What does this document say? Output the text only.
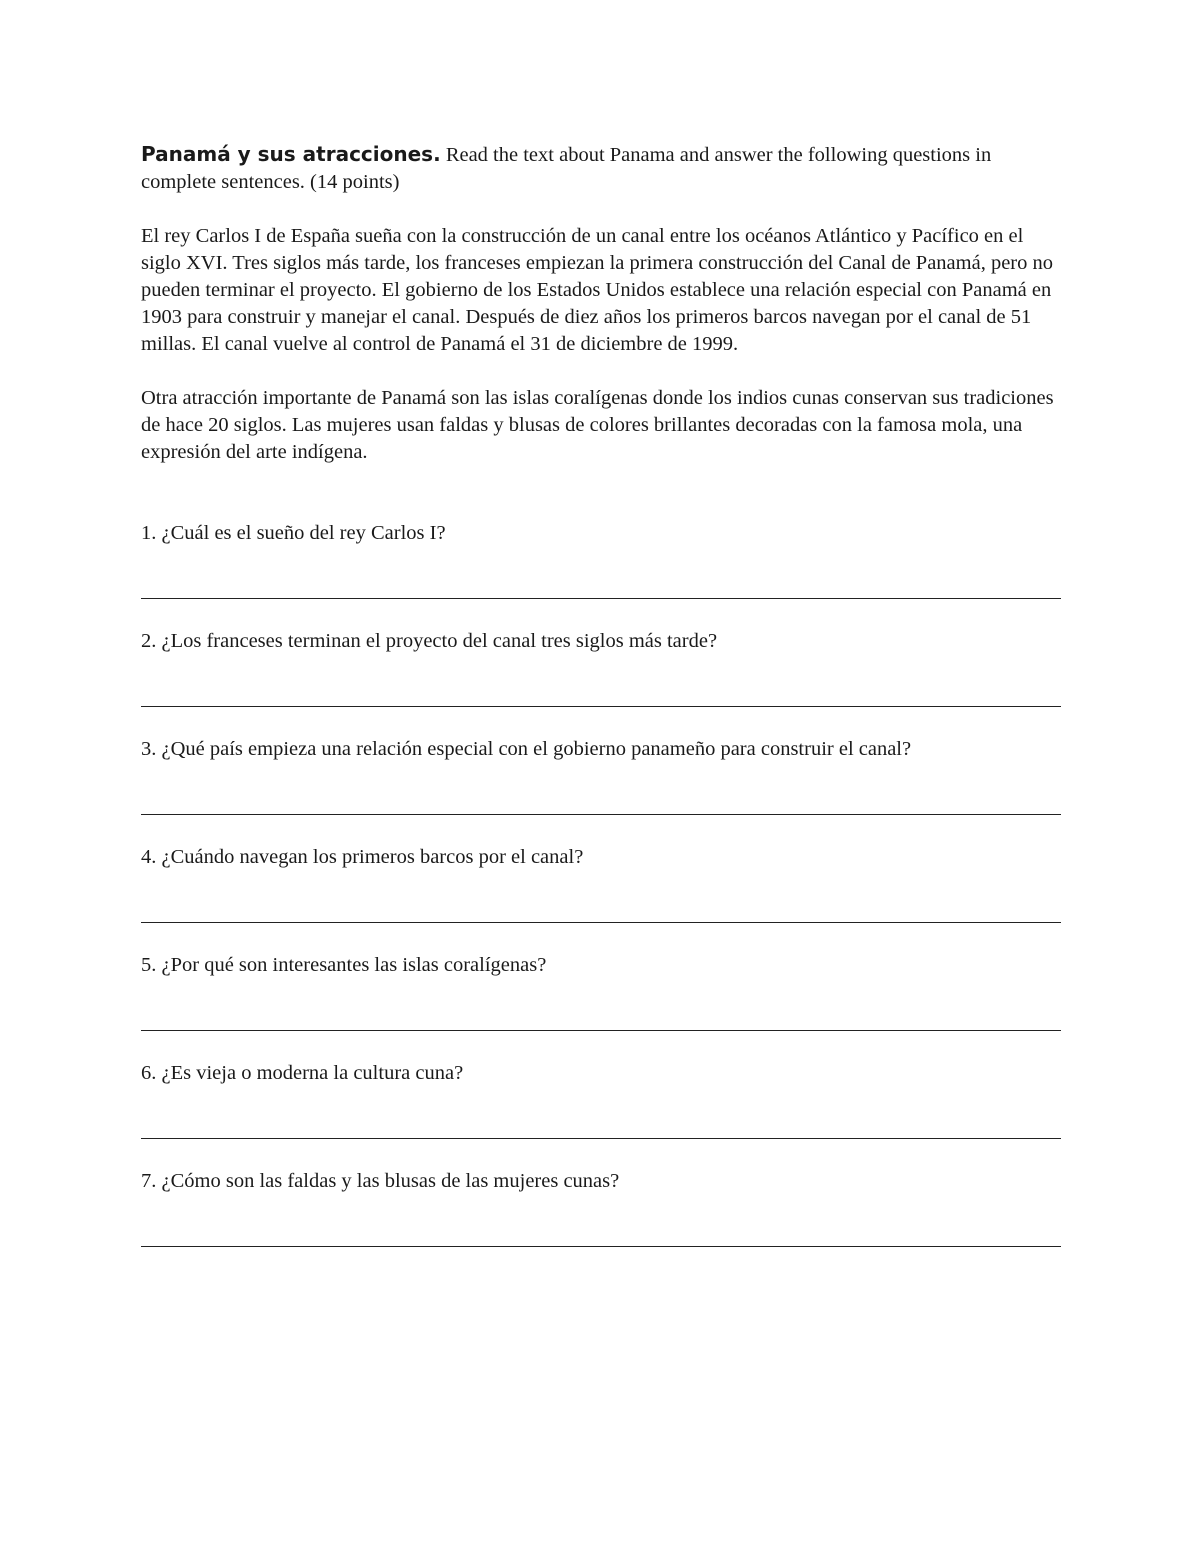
Panamá y sus atracciones. Read the text about Panama and answer the following questions in complete sentences. (14 points)

El rey Carlos I de España sueña con la construcción de un canal entre los océanos Atlántico y Pacífico en el siglo XVI. Tres siglos más tarde, los franceses empiezan la primera construcción del Canal de Panamá, pero no pueden terminar el proyecto. El gobierno de los Estados Unidos establece una relación especial con Panamá en 1903 para construir y manejar el canal. Después de diez años los primeros barcos navegan por el canal de 51 millas. El canal vuelve al control de Panamá el 31 de diciembre de 1999.

Otra atracción importante de Panamá son las islas coralígenas donde los indios cunas conservan sus tradiciones de hace 20 siglos. Las mujeres usan faldas y blusas de colores brillantes decoradas con la famosa mola, una expresión del arte indígena.

1. ¿Cuál es el sueño del rey Carlos I?

2. ¿Los franceses terminan el proyecto del canal tres siglos más tarde?

3. ¿Qué país empieza una relación especial con el gobierno panameño para construir el canal?

4. ¿Cuándo navegan los primeros barcos por el canal?

5. ¿Por qué son interesantes las islas coralígenas?

6. ¿Es vieja o moderna la cultura cuna?

7. ¿Cómo son las faldas y las blusas de las mujeres cunas?
